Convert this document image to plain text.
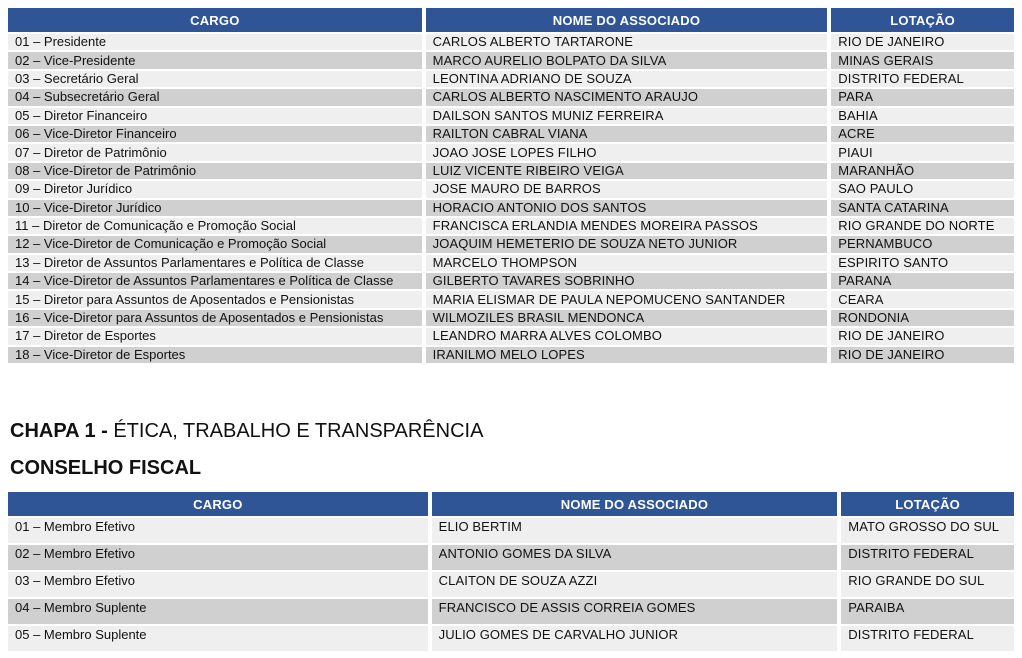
CARGO	NOME DO ASSOCIADO	LOTAÇÃO
01 – Presidente	CARLOS ALBERTO TARTARONE	RIO DE JANEIRO
02 – Vice-Presidente	MARCO AURELIO BOLPATO DA SILVA	MINAS GERAIS
03 – Secretário Geral	LEONTINA ADRIANO DE SOUZA	DISTRITO FEDERAL
04 – Subsecretário Geral	CARLOS ALBERTO NASCIMENTO ARAUJO	PARA
05 – Diretor Financeiro	DAILSON SANTOS MUNIZ FERREIRA	BAHIA
06 – Vice-Diretor Financeiro	RAILTON CABRAL VIANA	ACRE
07 – Diretor de Patrimônio	JOAO JOSE LOPES FILHO	PIAUI
08 – Vice-Diretor de Patrimônio	LUIZ VICENTE RIBEIRO VEIGA	MARANHÃO
09 – Diretor Jurídico	JOSE MAURO DE BARROS	SAO PAULO
10 – Vice-Diretor Jurídico	HORACIO ANTONIO DOS SANTOS	SANTA CATARINA
11 – Diretor de Comunicação e Promoção Social	FRANCISCA ERLANDIA MENDES MOREIRA PASSOS	RIO GRANDE DO NORTE
12 – Vice-Diretor de Comunicação e Promoção Social	JOAQUIM HEMETERIO DE SOUZA NETO JUNIOR	PERNAMBUCO
13 – Diretor de Assuntos Parlamentares e Política de Classe	MARCELO THOMPSON	ESPIRITO SANTO
14 – Vice-Diretor de Assuntos Parlamentares e Política de Classe	GILBERTO TAVARES SOBRINHO	PARANA
15 – Diretor para Assuntos de Aposentados e Pensionistas	MARIA ELISMAR DE PAULA NEPOMUCENO SANTANDER	CEARA
16 – Vice-Diretor para Assuntos de Aposentados e Pensionistas	WILMOZILES BRASIL MENDONCA	RONDONIA
17 – Diretor de Esportes	LEANDRO MARRA ALVES COLOMBO	RIO DE JANEIRO
18 – Vice-Diretor de Esportes	IRANILMO MELO LOPES	RIO DE JANEIRO
CHAPA 1 - ÉTICA, TRABALHO E TRANSPARÊNCIA
CONSELHO FISCAL
CARGO	NOME DO ASSOCIADO	LOTAÇÃO
01 – Membro Efetivo	ELIO BERTIM	MATO GROSSO DO SUL
02 – Membro Efetivo	ANTONIO GOMES DA SILVA	DISTRITO FEDERAL
03 – Membro Efetivo	CLAITON DE SOUZA AZZI	RIO GRANDE DO SUL
04 – Membro Suplente	FRANCISCO DE ASSIS CORREIA GOMES	PARAIBA
05 – Membro Suplente	JULIO GOMES DE CARVALHO JUNIOR	DISTRITO FEDERAL
